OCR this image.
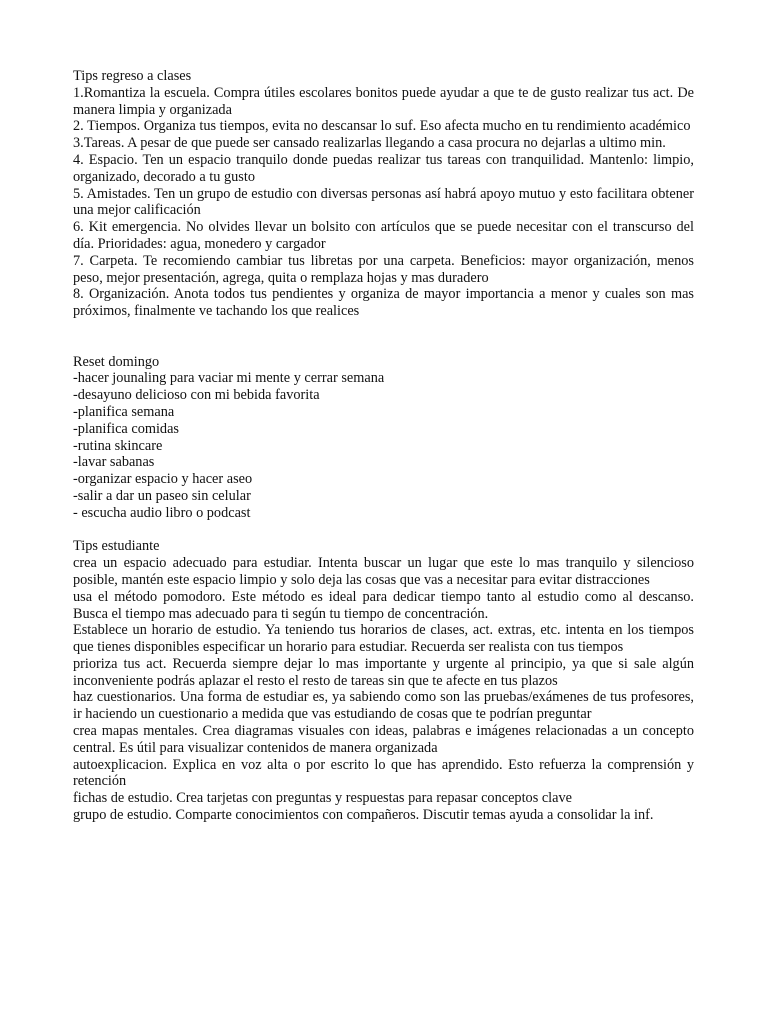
Tips regreso a clases
1.Romantiza la escuela. Compra útiles escolares bonitos puede ayudar a que te de gusto realizar tus act. De manera limpia y organizada
2. Tiempos. Organiza tus tiempos, evita no descansar lo suf. Eso afecta mucho en tu rendimiento académico
3.Tareas. A pesar de que puede ser cansado realizarlas llegando a casa procura no dejarlas a ultimo min.
4. Espacio. Ten un espacio tranquilo donde puedas realizar tus tareas con tranquilidad. Mantenlo: limpio, organizado, decorado a tu gusto
5. Amistades. Ten un grupo de estudio con diversas personas así habrá apoyo mutuo y esto facilitara obtener una mejor calificación
6. Kit emergencia. No olvides llevar un bolsito con artículos que se puede necesitar con el transcurso del día. Prioridades: agua, monedero y cargador
7. Carpeta. Te recomiendo cambiar tus libretas por una carpeta. Beneficios: mayor organización, menos peso, mejor presentación, agrega, quita o remplaza hojas y mas duradero
8. Organización. Anota todos tus pendientes y organiza de mayor importancia a menor y cuales son mas próximos, finalmente ve tachando los que realices
Reset domingo
-hacer jounaling para vaciar mi mente y cerrar semana
-desayuno delicioso con mi bebida favorita
-planifica semana
-planifica comidas
-rutina skincare
-lavar sabanas
-organizar espacio y hacer aseo
-salir a dar un paseo sin celular
- escucha audio libro o podcast
Tips estudiante
crea un espacio adecuado para estudiar. Intenta buscar un lugar que este lo mas tranquilo y silencioso posible, mantén este espacio limpio y solo deja las cosas que vas a necesitar para evitar distracciones
usa el método pomodoro. Este método es ideal para dedicar tiempo tanto al estudio como al descanso. Busca el tiempo mas adecuado para ti según tu tiempo de concentración.
Establece un horario de estudio. Ya teniendo tus horarios de clases, act. extras, etc. intenta en los tiempos que tienes disponibles especificar un horario para estudiar. Recuerda ser realista con tus tiempos
prioriza tus act. Recuerda siempre dejar lo mas importante y urgente al principio, ya que si sale algún inconveniente podrás aplazar el resto el resto de tareas sin que te afecte en tus plazos
haz cuestionarios. Una forma de estudiar es, ya sabiendo como son las pruebas/exámenes de tus profesores, ir haciendo un cuestionario a medida que vas estudiando de cosas que te podrían preguntar
crea mapas mentales. Crea diagramas visuales con ideas, palabras e imágenes relacionadas a un concepto central. Es útil para visualizar contenidos de manera organizada
autoexplicacion. Explica en voz alta o por escrito lo que has aprendido. Esto refuerza la comprensión y retención
fichas de estudio. Crea tarjetas con preguntas y respuestas para repasar conceptos clave
grupo de estudio. Comparte conocimientos con compañeros. Discutir temas ayuda a consolidar la inf.
